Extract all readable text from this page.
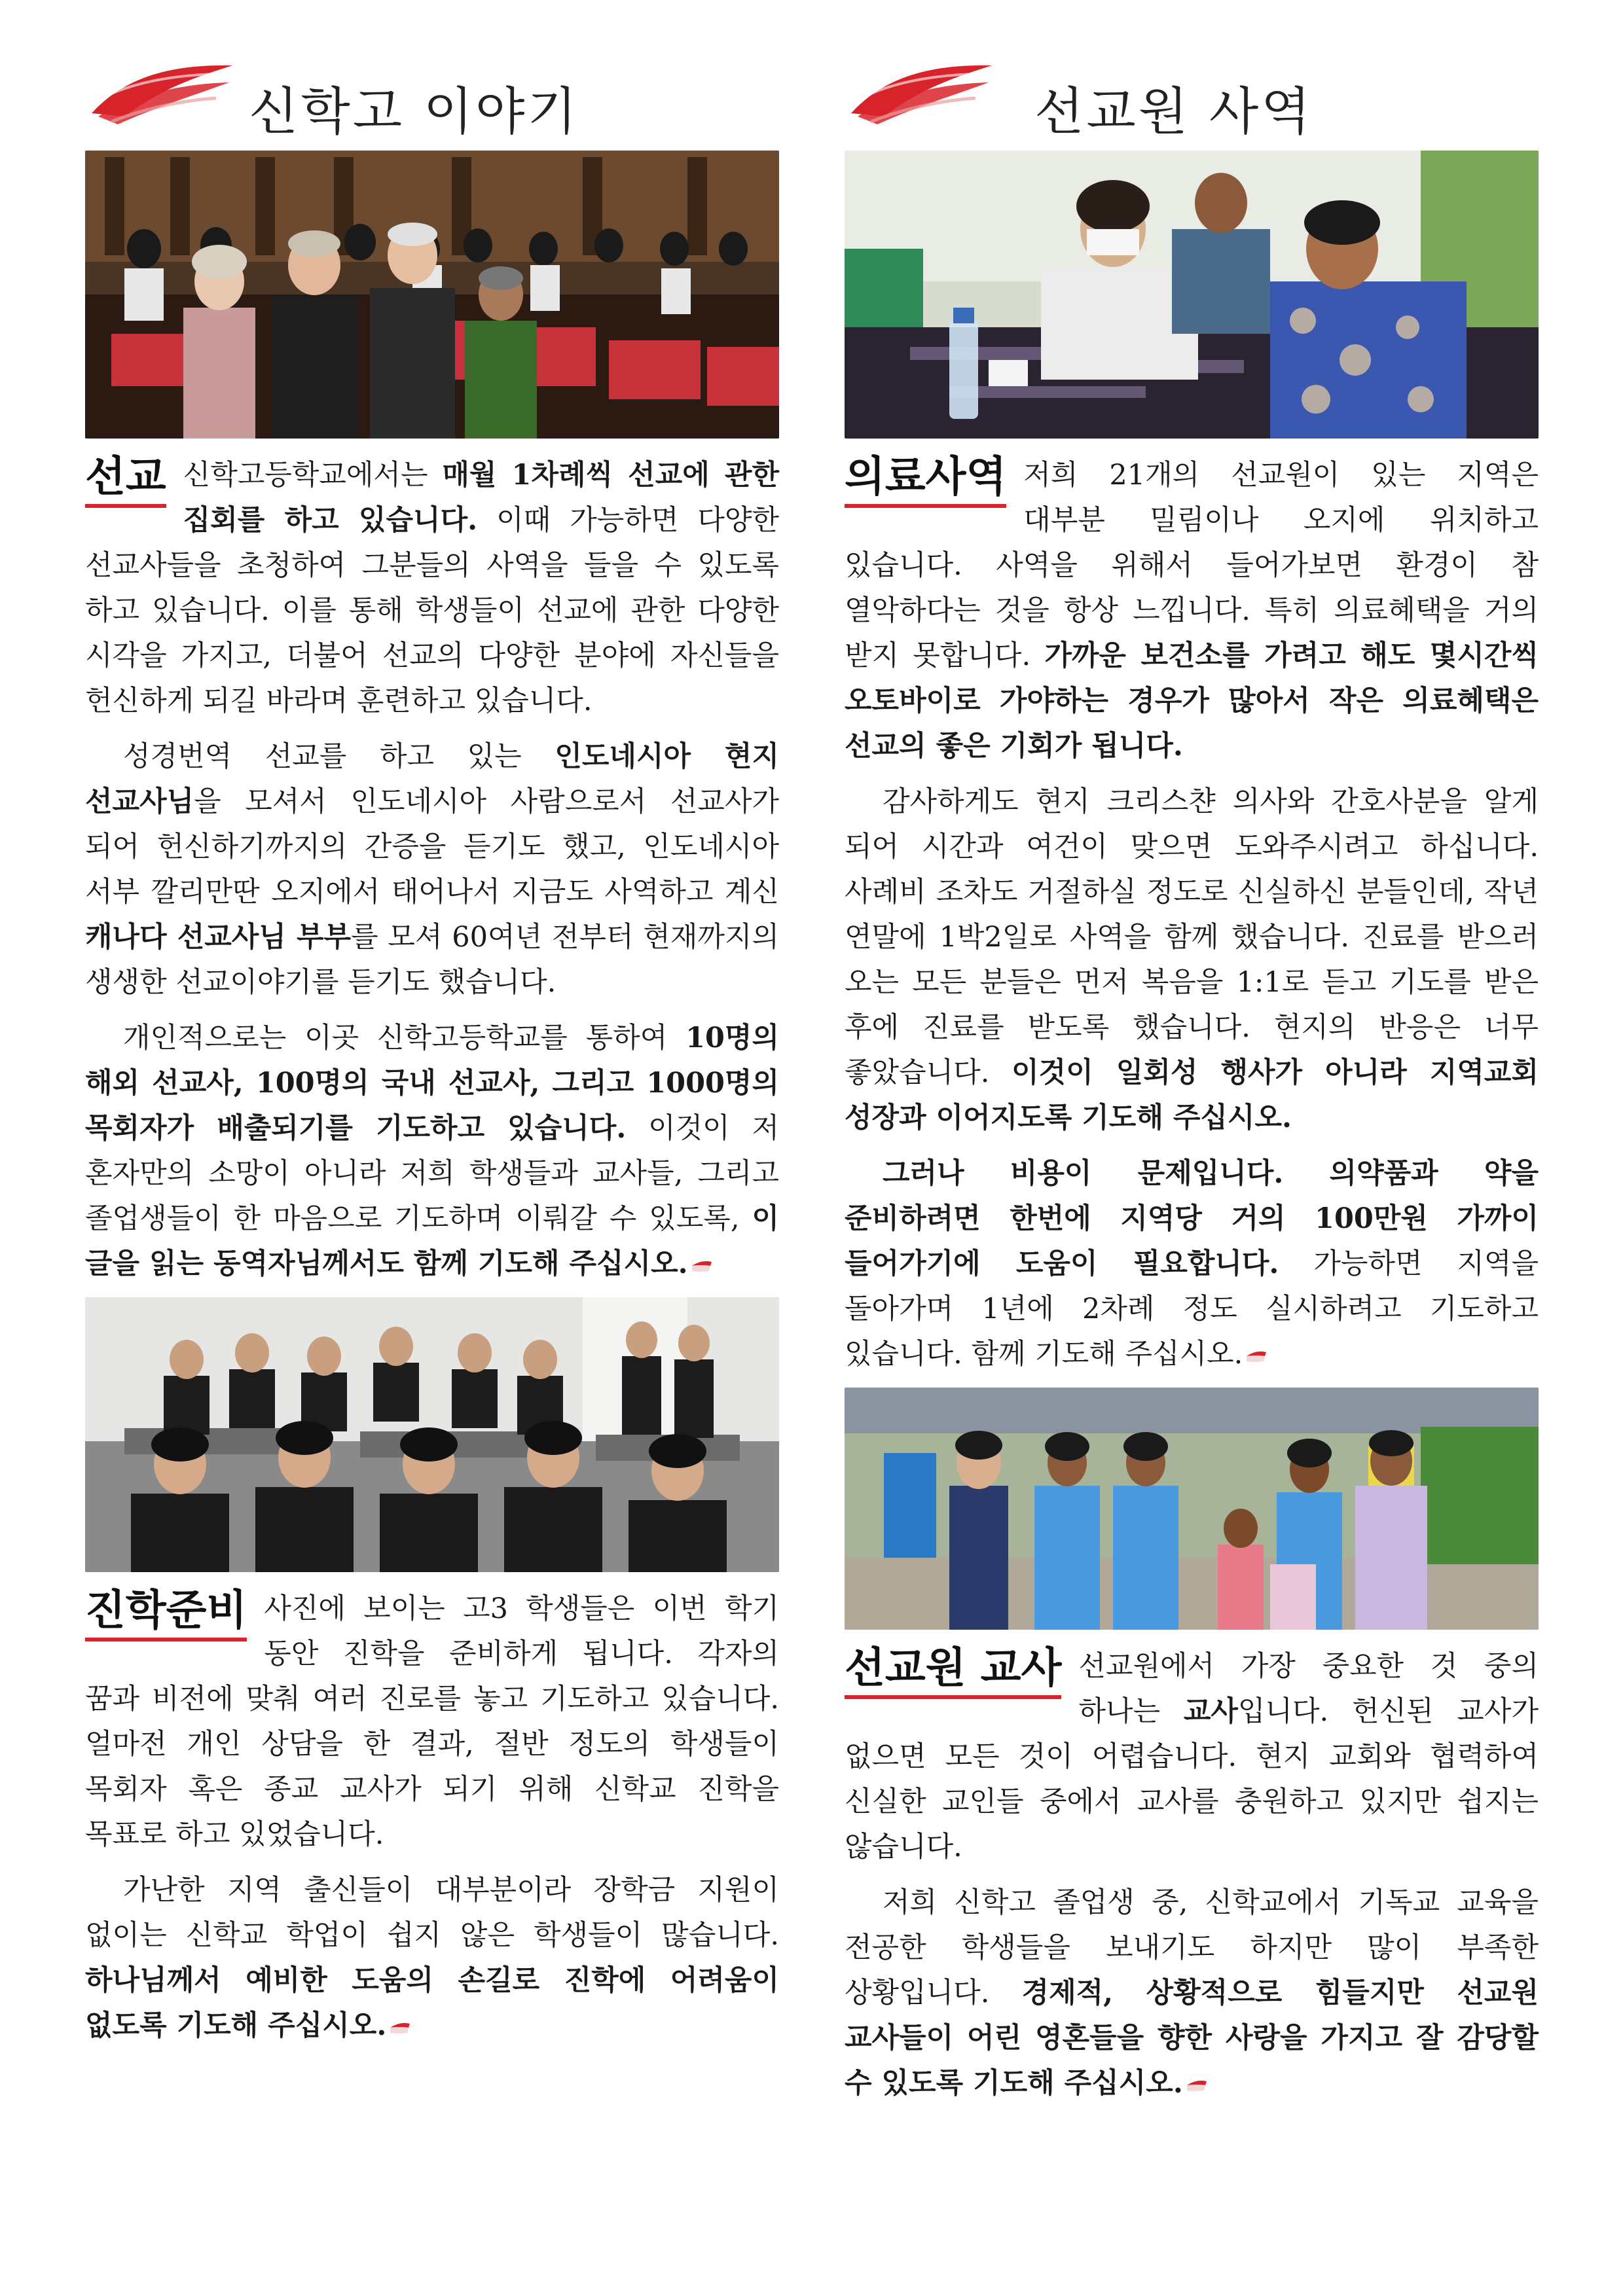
신학고 이야기
선교 신학고등학교에서는 매월 1차례씩 선교에 관한 집회를 하고 있습니다. 이때 가능하면 다양한 선교사들을 초청하여 그분들의 사역을 들을 수 있도록 하고 있습니다. 이를 통해 학생들이 선교에 관한 다양한 시각을 가지고, 더불어 선교의 다양한 분야에 자신들을 헌신하게 되길 바라며 훈련하고 있습니다.

성경번역 선교를 하고 있는 인도네시아 현지 선교사님을 모셔서 인도네시아 사람으로서 선교사가 되어 헌신하기까지의 간증을 듣기도 했고, 인도네시아 서부 깔리만딴 오지에서 태어나서 지금도 사역하고 계신 캐나다 선교사님 부부를 모셔 60여년 전부터 현재까지의 생생한 선교이야기를 듣기도 했습니다.

개인적으로는 이곳 신학고등학교를 통하여 10명의 해외 선교사, 100명의 국내 선교사, 그리고 1000명의 목회자가 배출되기를 기도하고 있습니다. 이것이 저 혼자만의 소망이 아니라 저희 학생들과 교사들, 그리고 졸업생들이 한 마음으로 기도하며 이뤄갈 수 있도록, 이 글을 읽는 동역자님께서도 함께 기도해 주십시오.

진학준비 사진에 보이는 고3 학생들은 이번 학기 동안 진학을 준비하게 됩니다. 각자의 꿈과 비전에 맞춰 여러 진로를 놓고 기도하고 있습니다. 얼마전 개인 상담을 한 결과, 절반 정도의 학생들이 목회자 혹은 종교 교사가 되기 위해 신학교 진학을 목표로 하고 있었습니다.

가난한 지역 출신들이 대부분이라 장학금 지원이 없이는 신학교 학업이 쉽지 않은 학생들이 많습니다. 하나님께서 예비한 도움의 손길로 진학에 어려움이 없도록 기도해 주십시오.

선교원 사역
의료사역 저희 21개의 선교원이 있는 지역은 대부분 밀림이나 오지에 위치하고 있습니다. 사역을 위해서 들어가보면 환경이 참 열악하다는 것을 항상 느낍니다. 특히 의료혜택을 거의 받지 못합니다. 가까운 보건소를 가려고 해도 몇시간씩 오토바이로 가야하는 경우가 많아서 작은 의료혜택은 선교의 좋은 기회가 됩니다.

감사하게도 현지 크리스챤 의사와 간호사분을 알게 되어 시간과 여건이 맞으면 도와주시려고 하십니다. 사례비 조차도 거절하실 정도로 신실하신 분들인데, 작년 연말에 1박2일로 사역을 함께 했습니다. 진료를 받으러 오는 모든 분들은 먼저 복음을 1:1로 듣고 기도를 받은 후에 진료를 받도록 했습니다. 현지의 반응은 너무 좋았습니다. 이것이 일회성 행사가 아니라 지역교회 성장과 이어지도록 기도해 주십시오.

그러나 비용이 문제입니다. 의약품과 약을 준비하려면 한번에 지역당 거의 100만원 가까이 들어가기에 도움이 필요합니다. 가능하면 지역을 돌아가며 1년에 2차례 정도 실시하려고 기도하고 있습니다. 함께 기도해 주십시오.

선교원 교사 선교원에서 가장 중요한 것 중의 하나는 교사입니다. 헌신된 교사가 없으면 모든 것이 어렵습니다. 현지 교회와 협력하여 신실한 교인들 중에서 교사를 충원하고 있지만 쉽지는 않습니다.

저희 신학고 졸업생 중, 신학교에서 기독교 교육을 전공한 학생들을 보내기도 하지만 많이 부족한 상황입니다. 경제적, 상황적으로 힘들지만 선교원 교사들이 어린 영혼들을 향한 사랑을 가지고 잘 감당할 수 있도록 기도해 주십시오.
